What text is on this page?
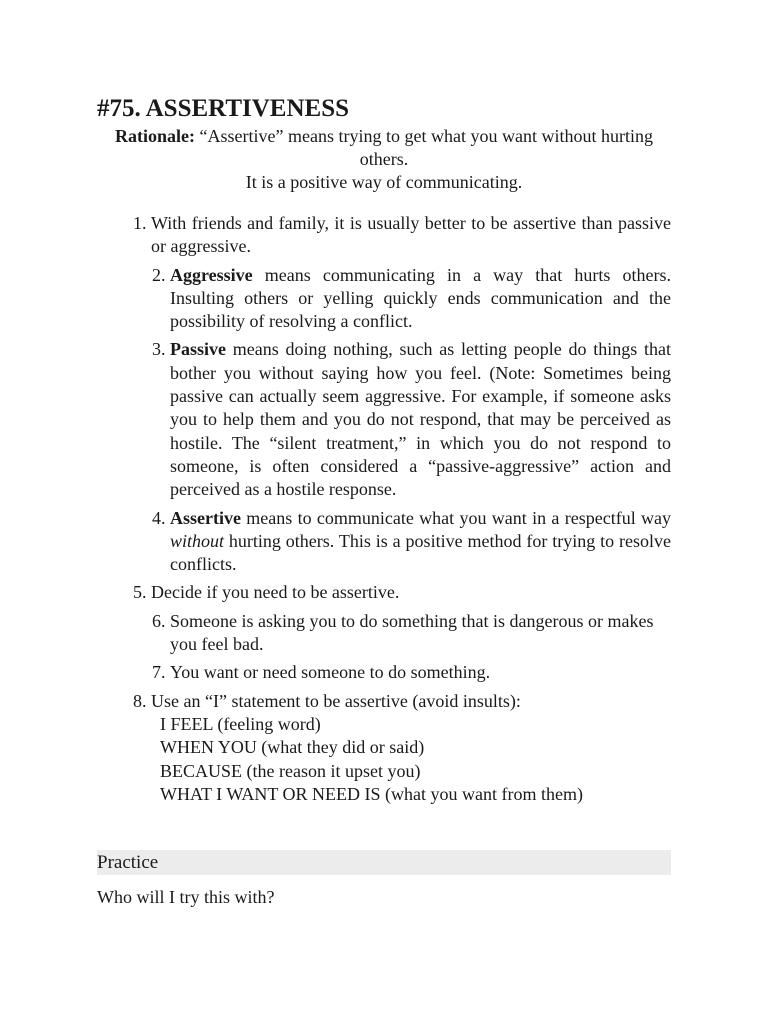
#75. ASSERTIVENESS
Rationale: “Assertive” means trying to get what you want without hurting others.
It is a positive way of communicating.
1. With friends and family, it is usually better to be assertive than passive or aggressive.
2. Aggressive means communicating in a way that hurts others. Insulting others or yelling quickly ends communication and the possibility of resolving a conflict.
3. Passive means doing nothing, such as letting people do things that bother you without saying how you feel. (Note: Sometimes being passive can actually seem aggressive. For example, if someone asks you to help them and you do not respond, that may be perceived as hostile. The “silent treatment,” in which you do not respond to someone, is often considered a “passive-aggressive” action and perceived as a hostile response.
4. Assertive means to communicate what you want in a respectful way without hurting others. This is a positive method for trying to resolve conflicts.
5. Decide if you need to be assertive.
6. Someone is asking you to do something that is dangerous or makes you feel bad.
7. You want or need someone to do something.
8. Use an “I” statement to be assertive (avoid insults):
I FEEL (feeling word)
WHEN YOU (what they did or said)
BECAUSE (the reason it upset you)
WHAT I WANT OR NEED IS (what you want from them)
Practice
Who will I try this with?
